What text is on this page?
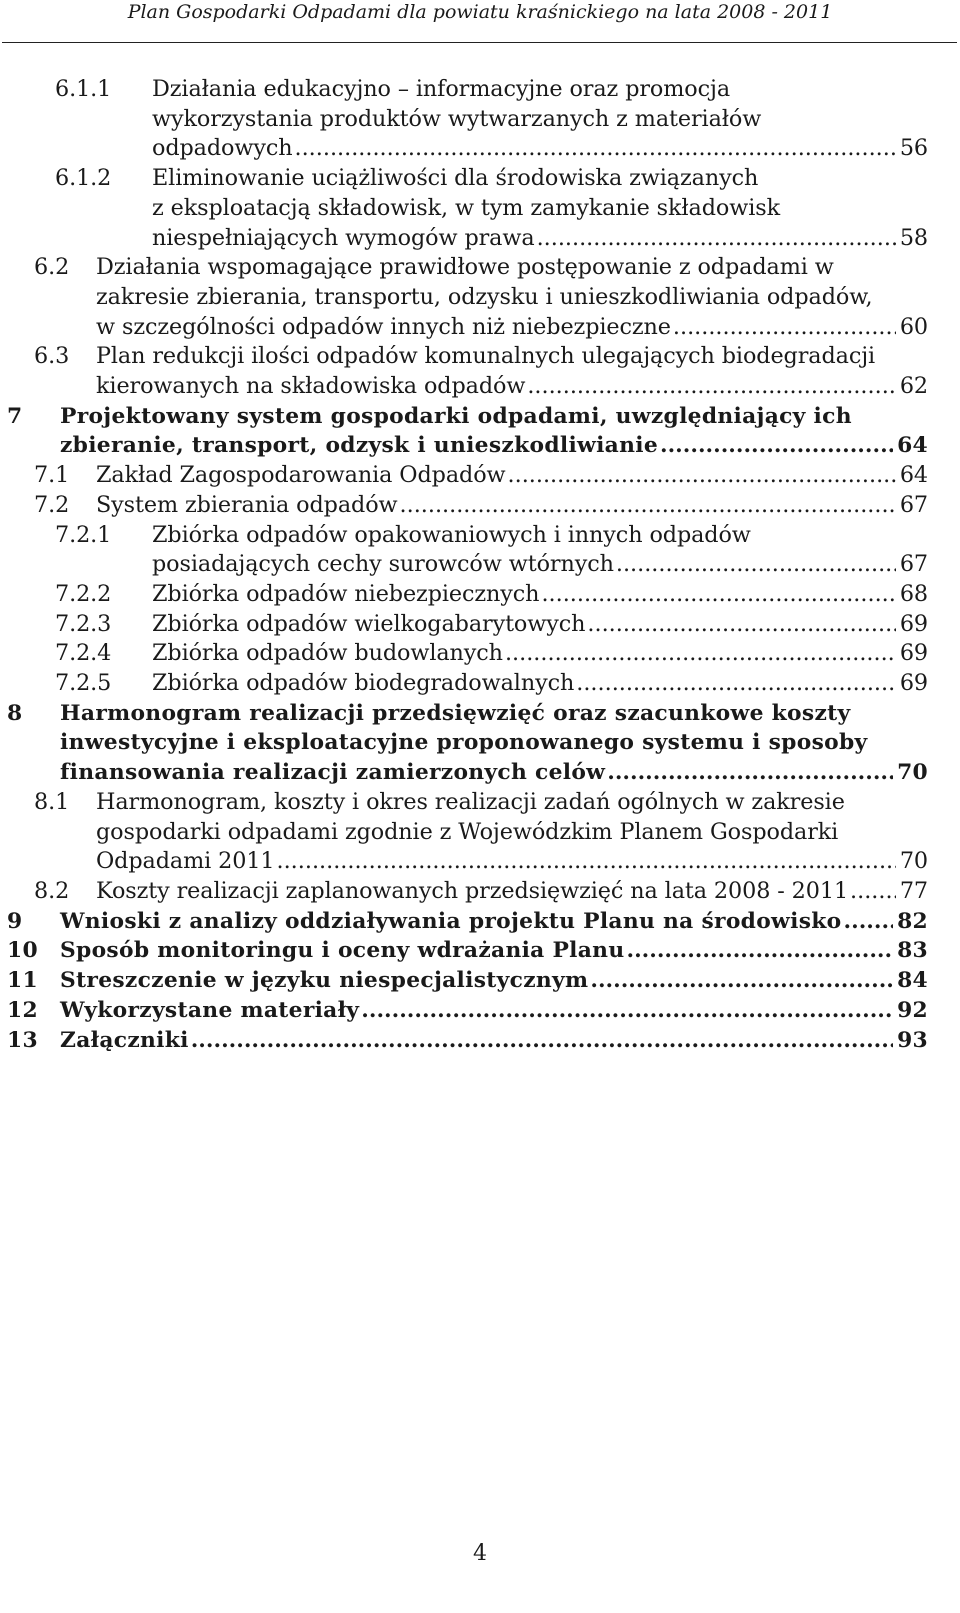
Plan Gospodarki Odpadami dla powiatu kraśnickiego na lata 2008 - 2011
6.1.1 Działania edukacyjno – informacyjne oraz promocja
wykorzystania produktów wytwarzanych z materiałów
odpadowych .....	56
6.1.2 Eliminowanie uciążliwości dla środowiska związanych
z eksploatacją składowisk, w tym zamykanie składowisk
niespełniających wymogów prawa .....	58
6.2 Działania wspomagające prawidłowe postępowanie z odpadami w
zakresie zbierania, transportu, odzysku i unieszkodliwiania odpadów,
w szczególności odpadów innych niż niebezpieczne .....	60
6.3 Plan redukcji ilości odpadów komunalnych ulegających biodegradacji
kierowanych na składowiska odpadów .....	62
7 Projektowany system gospodarki odpadami, uwzględniający ich
zbieranie, transport, odzysk i unieszkodliwianie .....	64
7.1 Zakład Zagospodarowania Odpadów .....	64
7.2 System zbierania odpadów .....	67
7.2.1 Zbiórka odpadów opakowaniowych i innych odpadów
posiadających cechy surowców wtórnych .....	67
7.2.2 Zbiórka odpadów niebezpiecznych .....	68
7.2.3 Zbiórka odpadów wielkogabarytowych .....	69
7.2.4 Zbiórka odpadów budowlanych .....	69
7.2.5 Zbiórka odpadów biodegradowalnych .....	69
8 Harmonogram realizacji przedsięwzięć oraz szacunkowe koszty
inwestycyjne i eksploatacyjne proponowanego systemu i sposoby
finansowania realizacji zamierzonych celów .....	70
8.1 Harmonogram, koszty i okres realizacji zadań ogólnych w zakresie
gospodarki odpadami zgodnie z Wojewódzkim Planem Gospodarki
Odpadami 2011 .....	70
8.2 Koszty realizacji zaplanowanych przedsięwzięć na lata 2008 - 2011 ..... 77
9 Wnioski z analizy oddziaływania projektu Planu na środowisko .....	82
10 Sposób monitoringu i oceny wdrażania Planu .....	83
11 Streszczenie w języku niespecjalistycznym .....	84
12 Wykorzystane materiały .....	92
13 Załączniki .....	93
4
